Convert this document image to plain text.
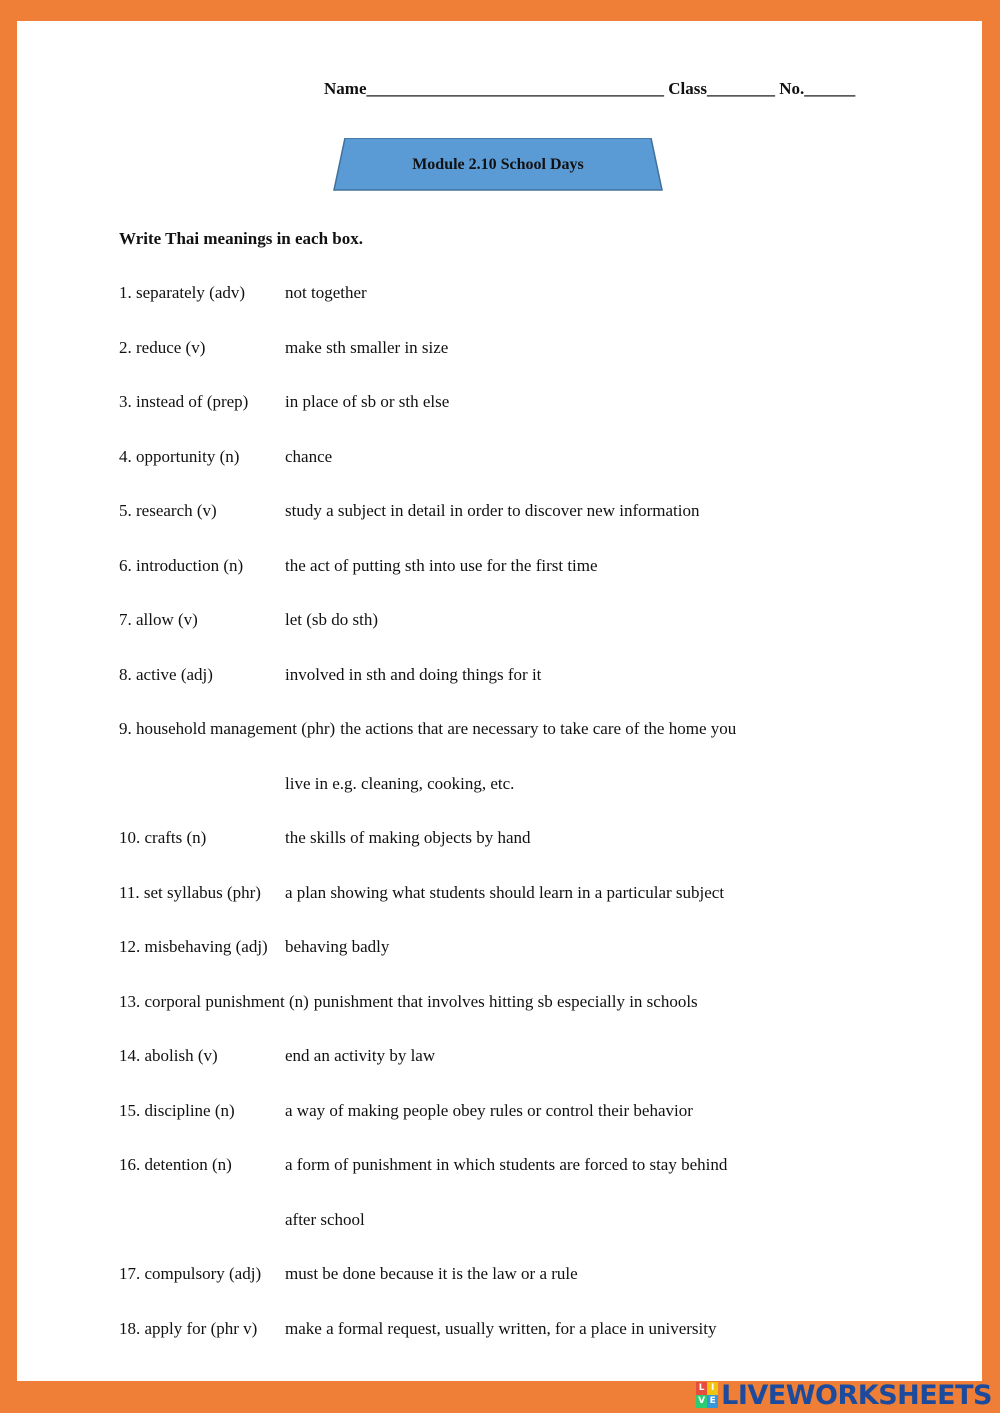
Name___________________________________ Class________ No.______
Module 2.10 School Days
Write Thai meanings in each box.
1. separately (adv) not together
2. reduce (v)	make sth smaller in size
3. instead of (prep) in place of sb or sth else
4. opportunity (n)	chance
5. research (v)	study a subject in detail in order to discover new information
6. introduction (n) the act of putting sth into use for the first time
7. allow (v)	let (sb do sth)
8. active (adj)	involved in sth and doing things for it
9. household management (phr) the actions that are necessary to take care of the home you
live in e.g. cleaning, cooking, etc.
10. crafts (n)	the skills of making objects by hand
11. set syllabus (phr) a plan showing what students should learn in a particular subject
12. misbehaving (adj) behaving badly
13. corporal punishment (n) punishment that involves hitting sb especially in schools
14. abolish (v)	end an activity by law
15. discipline (n)	a way of making people obey rules or control their behavior
16. detention (n)	a form of punishment in which students are forced to stay behind
after school
17. compulsory (adj) must be done because it is the law or a rule
18. apply for (phr v) make a formal request, usually written, for a place in university
L I
V E LIVEWORKSHEETS
